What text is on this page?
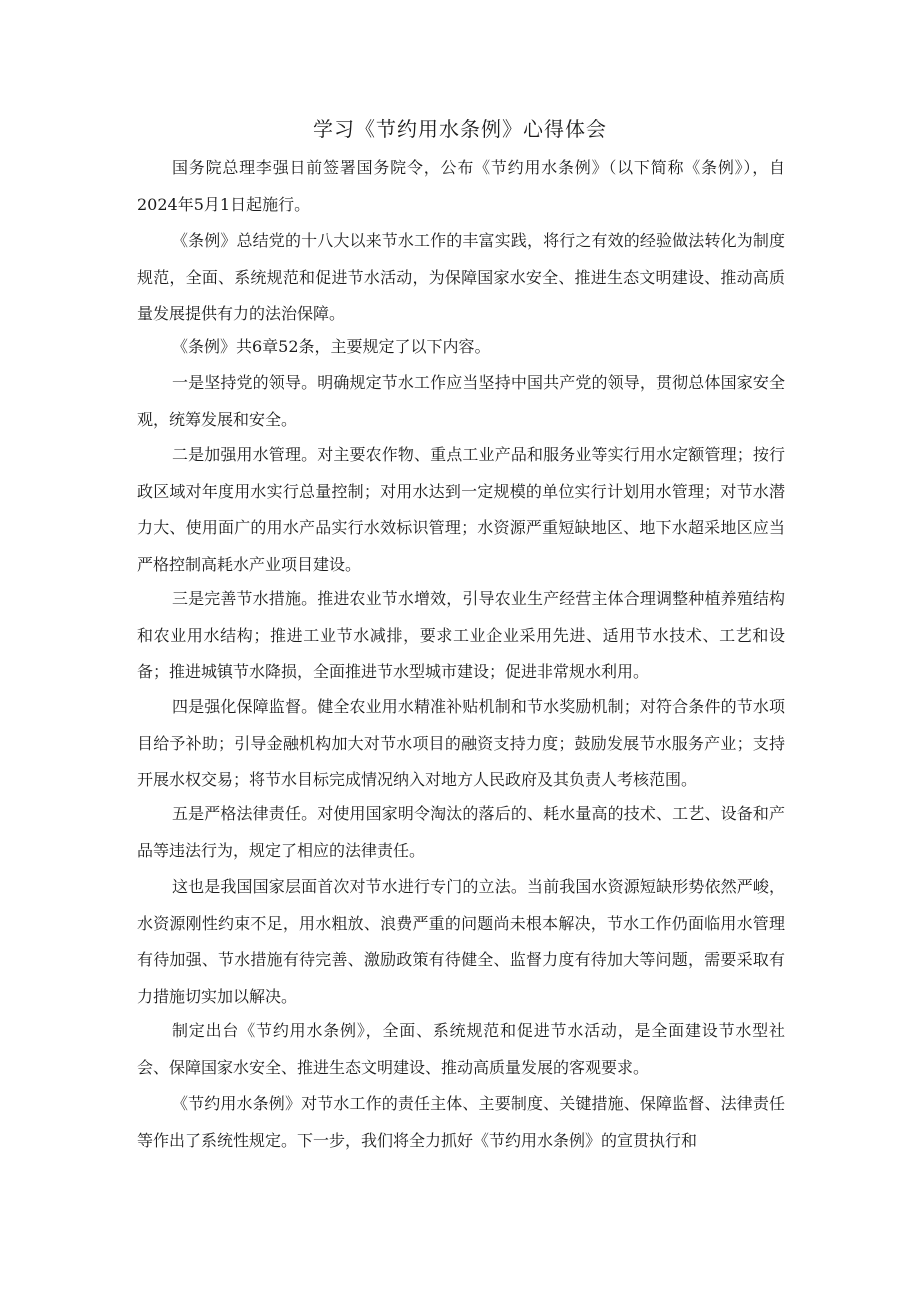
学习《节约用水条例》心得体会

国务院总理李强日前签署国务院令，公布《节约用水条例》（以下简称《条例》），自2024年5月1日起施行。

《条例》总结党的十八大以来节水工作的丰富实践，将行之有效的经验做法转化为制度规范，全面、系统规范和促进节水活动，为保障国家水安全、推进生态文明建设、推动高质量发展提供有力的法治保障。

《条例》共6章52条，主要规定了以下内容。

一是坚持党的领导。明确规定节水工作应当坚持中国共产党的领导，贯彻总体国家安全观，统筹发展和安全。

二是加强用水管理。对主要农作物、重点工业产品和服务业等实行用水定额管理；按行政区域对年度用水实行总量控制；对用水达到一定规模的单位实行计划用水管理；对节水潜力大、使用面广的用水产品实行水效标识管理；水资源严重短缺地区、地下水超采地区应当严格控制高耗水产业项目建设。

三是完善节水措施。推进农业节水增效，引导农业生产经营主体合理调整种植养殖结构和农业用水结构；推进工业节水减排，要求工业企业采用先进、适用节水技术、工艺和设备；推进城镇节水降损，全面推进节水型城市建设；促进非常规水利用。

四是强化保障监督。健全农业用水精准补贴机制和节水奖励机制；对符合条件的节水项目给予补助；引导金融机构加大对节水项目的融资支持力度；鼓励发展节水服务产业；支持开展水权交易；将节水目标完成情况纳入对地方人民政府及其负责人考核范围。

五是严格法律责任。对使用国家明令淘汰的落后的、耗水量高的技术、工艺、设备和产品等违法行为，规定了相应的法律责任。

这也是我国国家层面首次对节水进行专门的立法。当前我国水资源短缺形势依然严峻，水资源刚性约束不足，用水粗放、浪费严重的问题尚未根本解决，节水工作仍面临用水管理有待加强、节水措施有待完善、激励政策有待健全、监督力度有待加大等问题，需要采取有力措施切实加以解决。

制定出台《节约用水条例》，全面、系统规范和促进节水活动，是全面建设节水型社会、保障国家水安全、推进生态文明建设、推动高质量发展的客观要求。

《节约用水条例》对节水工作的责任主体、主要制度、关键措施、保障监督、法律责任等作出了系统性规定。下一步，我们将全力抓好《节约用水条例》的宣贯执行和
